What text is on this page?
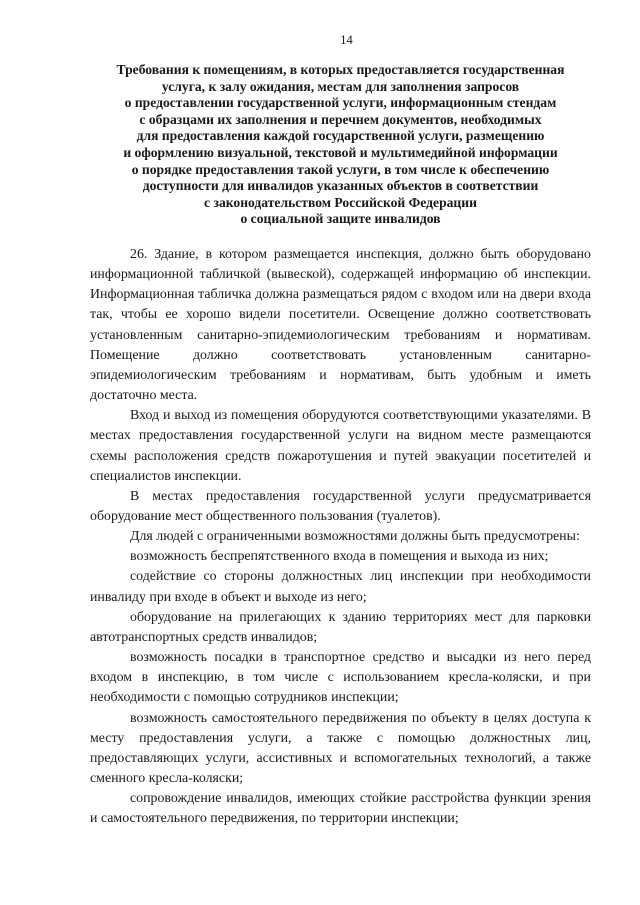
14
Требования к помещениям, в которых предоставляется государственная
услуга, к залу ожидания, местам для заполнения запросов
о предоставлении государственной услуги, информационным стендам
с образцами их заполнения и перечнем документов, необходимых
для предоставления каждой государственной услуги, размещению
и оформлению визуальной, текстовой и мультимедийной информации
о порядке предоставления такой услуги, в том числе к обеспечению
доступности для инвалидов указанных объектов в соответствии
с законодательством Российской Федерации
о социальной защите инвалидов

26. Здание, в котором размещается инспекция, должно быть оборудовано информационной табличкой (вывеской), содержащей информацию об инспекции. Информационная табличка должна размещаться рядом с входом или на двери входа так, чтобы ее хорошо видели посетители. Освещение должно соответствовать установленным санитарно-эпидемиологическим требованиям и нормативам. Помещение должно соответствовать установленным санитарно-эпидемиологическим требованиям и нормативам, быть удобным и иметь достаточно места.

Вход и выход из помещения оборудуются соответствующими указателями. В местах предоставления государственной услуги на видном месте размещаются схемы расположения средств пожаротушения и путей эвакуации посетителей и специалистов инспекции.

В местах предоставления государственной услуги предусматривается оборудование мест общественного пользования (туалетов).

Для людей с ограниченными возможностями должны быть предусмотрены:

возможность беспрепятственного входа в помещения и выхода из них;

содействие со стороны должностных лиц инспекции при необходимости инвалиду при входе в объект и выходе из него;

оборудование на прилегающих к зданию территориях мест для парковки автотранспортных средств инвалидов;

возможность посадки в транспортное средство и высадки из него перед входом в инспекцию, в том числе с использованием кресла-коляски, и при необходимости с помощью сотрудников инспекции;

возможность самостоятельного передвижения по объекту в целях доступа к месту предоставления услуги, а также с помощью должностных лиц, предоставляющих услуги, ассистивных и вспомогательных технологий, а также сменного кресла-коляски;

сопровождение инвалидов, имеющих стойкие расстройства функции зрения и самостоятельного передвижения, по территории инспекции;
